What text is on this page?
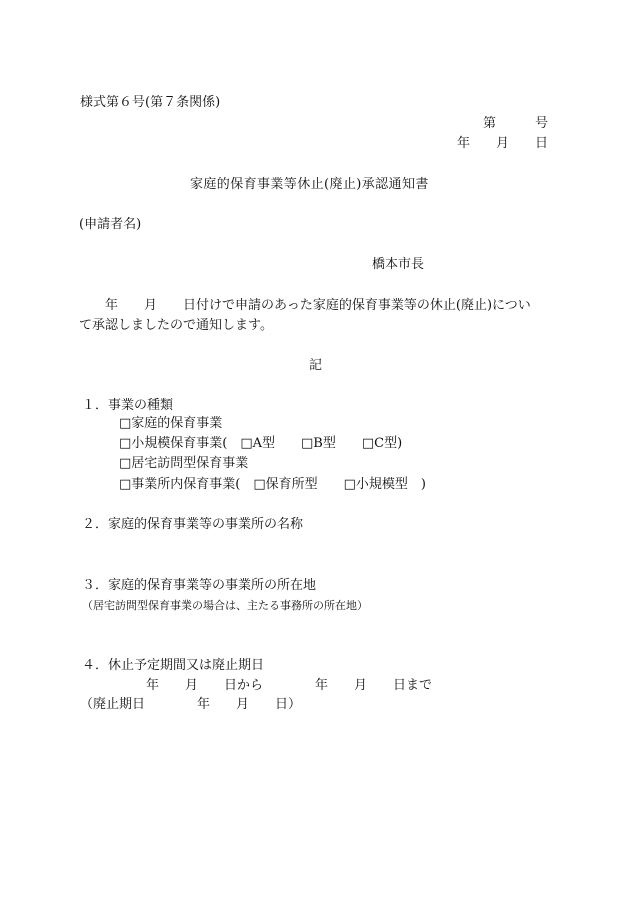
様式第６号(第７条関係)
第　　　号
年　　月　　日
家庭的保育事業等休止(廃止)承認通知書
(申請者名)
橋本市長
　　年　　月　　日付けで申請のあった家庭的保育事業等の休止(廃止)につい
て承認しましたので通知します。
記
１．事業の種類
□家庭的保育事業
□小規模保育事業(　□A型　　□B型　　□C型)
□居宅訪問型保育事業
□事業所内保育事業(　□保育所型　　□小規模型　)
２．家庭的保育事業等の事業所の名称
３．家庭的保育事業等の事業所の所在地
（居宅訪問型保育事業の場合は、主たる事務所の所在地）
４．休止予定期間又は廃止期日
年　　月　　日から　　　　年　　月　　日まで
（廃止期日　　　　年　　月　　日）
